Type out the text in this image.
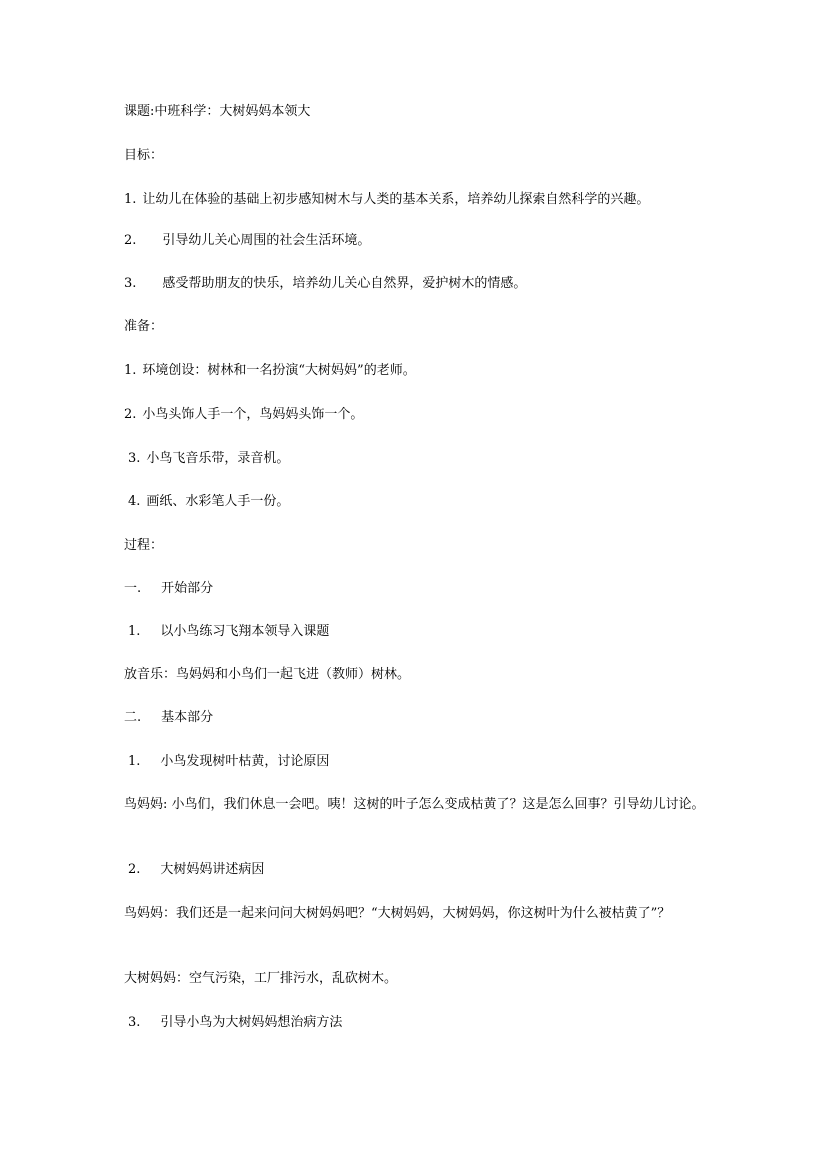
课题:中班科学：大树妈妈本领大
目标：
1. 让幼儿在体验的基础上初步感知树木与人类的基本关系，培养幼儿探索自然科学的兴趣。
2. 引导幼儿关心周围的社会生活环境。
3. 感受帮助朋友的快乐，培养幼儿关心自然界，爱护树木的情感。
准备：
1. 环境创设：树林和一名扮演“大树妈妈”的老师。
2. 小鸟头饰人手一个，鸟妈妈头饰一个。
3. 小鸟飞音乐带，录音机。
4. 画纸、水彩笔人手一份。
过程：
一. 开始部分
1. 以小鸟练习飞翔本领导入课题
放音乐：鸟妈妈和小鸟们一起飞进（教师）树林。
二. 基本部分
1. 小鸟发现树叶枯黄，讨论原因
鸟妈妈: 小鸟们，我们休息一会吧。咦！这树的叶子怎么变成枯黄了？这是怎么回事？引导幼儿讨论。
2. 大树妈妈讲述病因
鸟妈妈：我们还是一起来问问大树妈妈吧？“大树妈妈，大树妈妈，你这树叶为什么被枯黄了”？
大树妈妈：空气污染，工厂排污水，乱砍树木。
3. 引导小鸟为大树妈妈想治病方法
